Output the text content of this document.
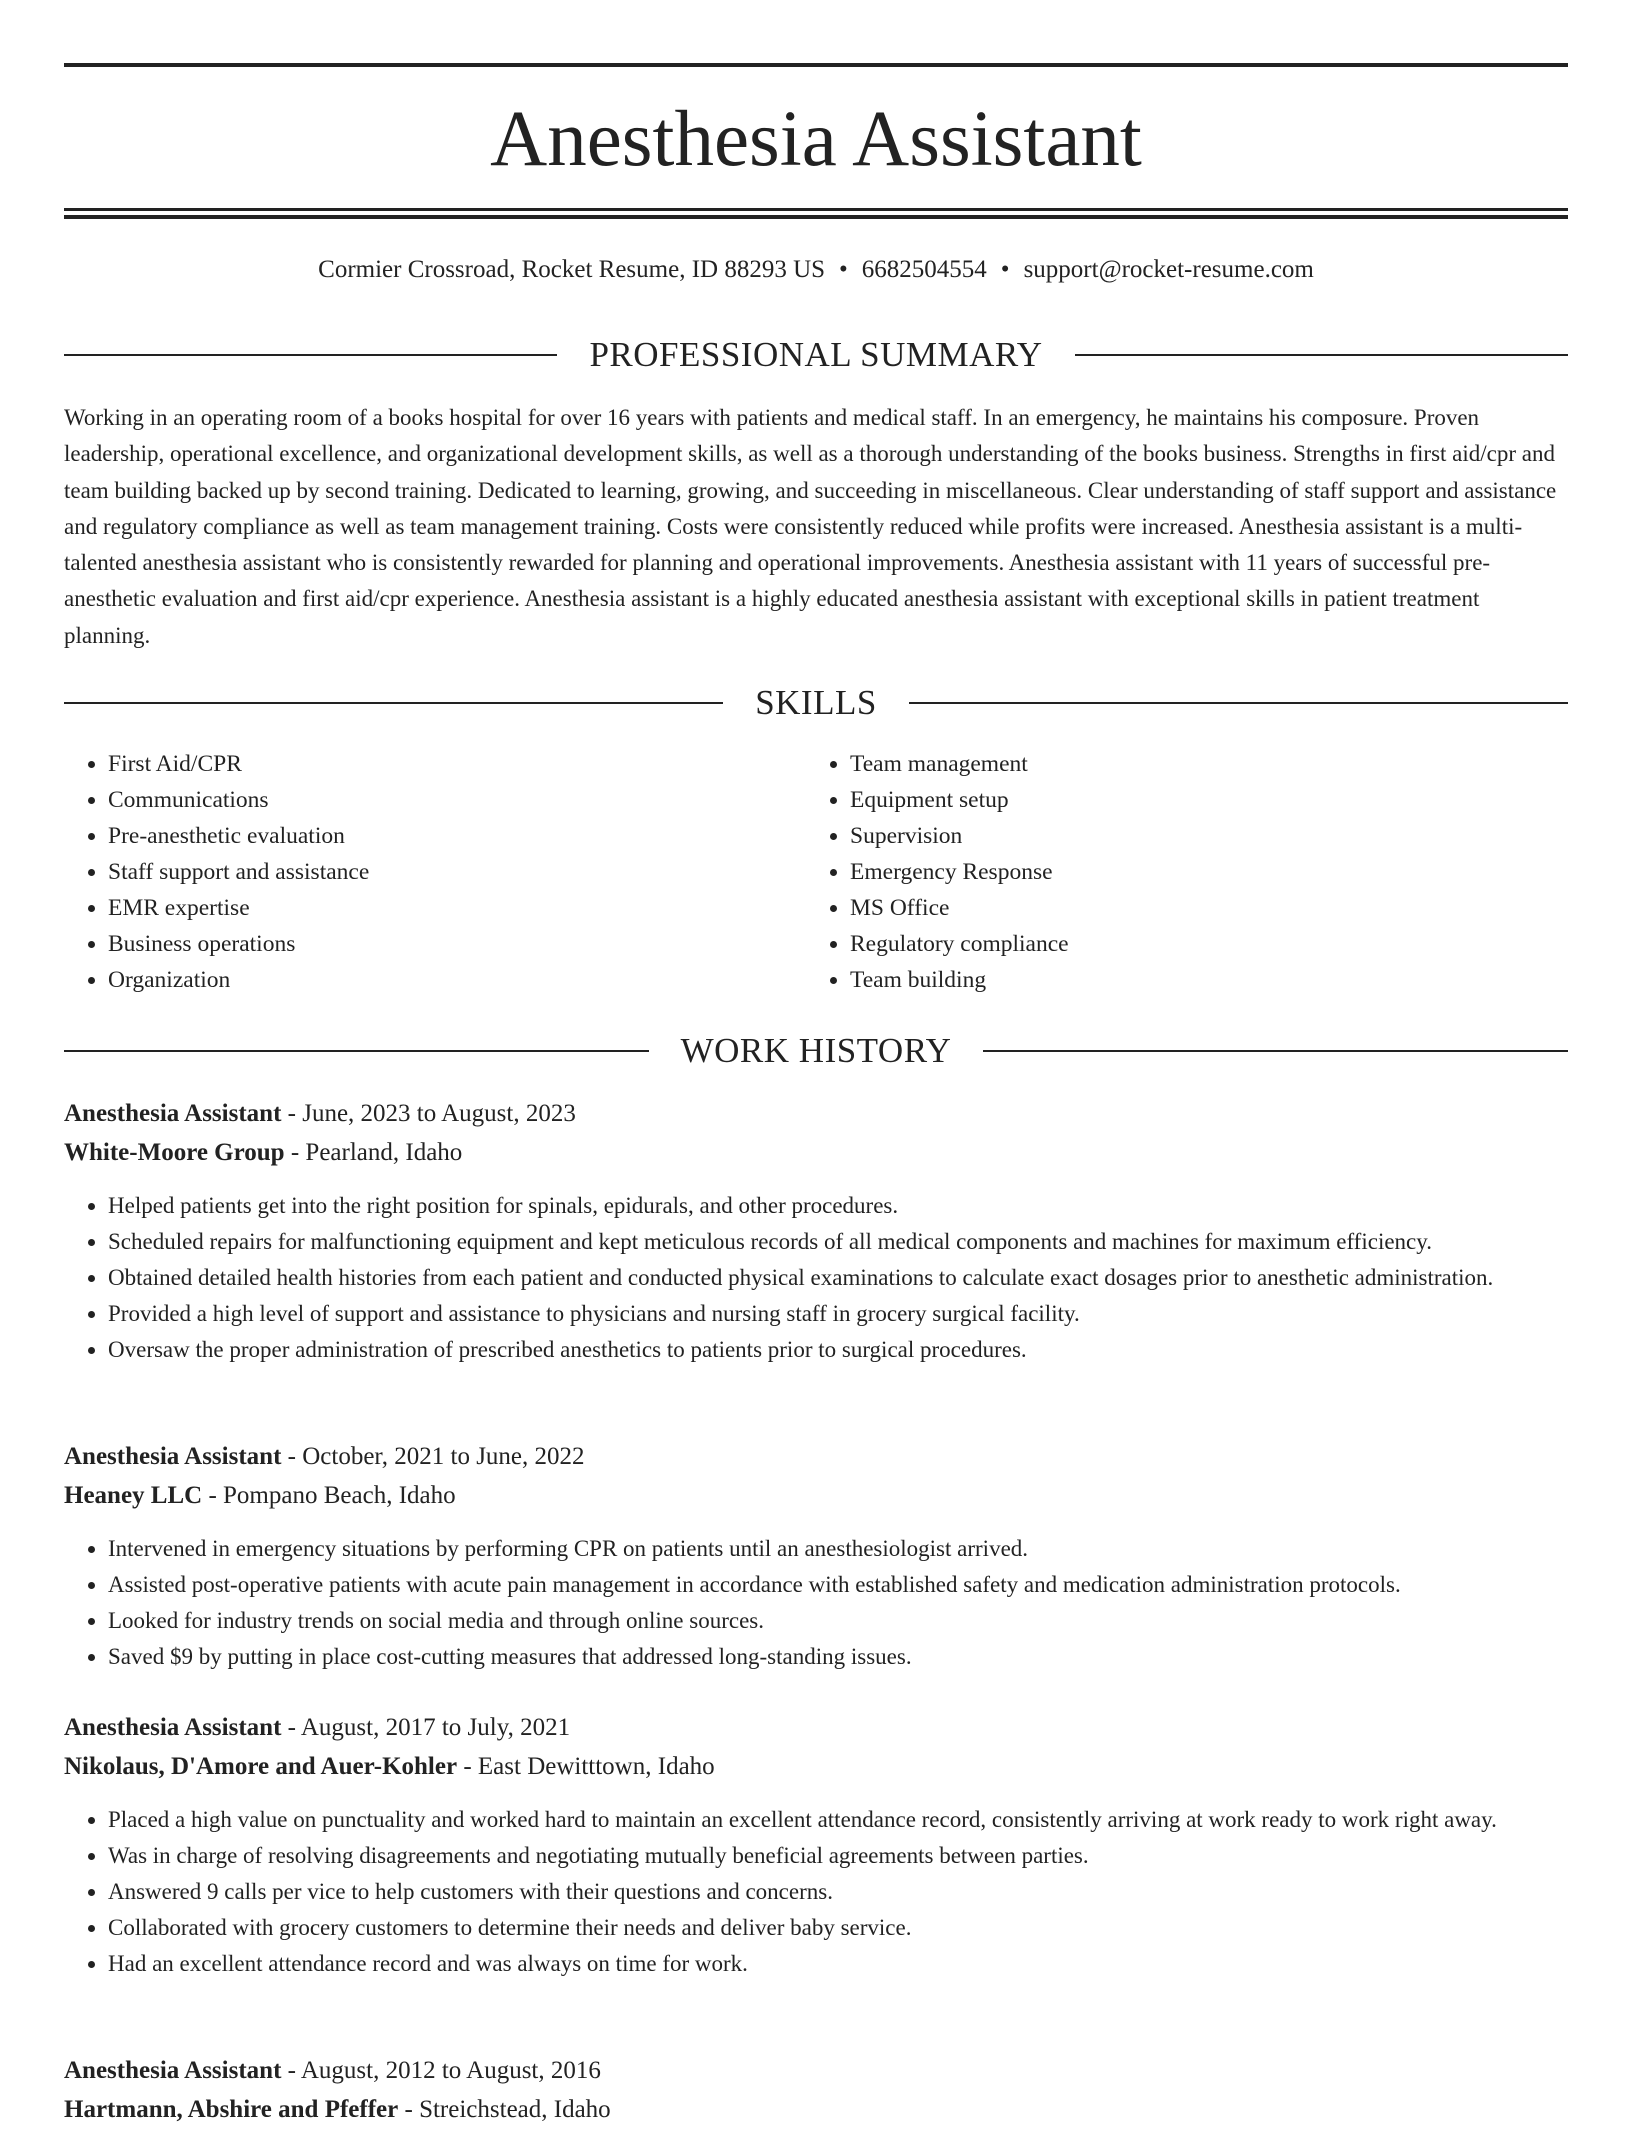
Anesthesia Assistant
Cormier Crossroad, Rocket Resume, ID 88293 US • 6682504554 • support@rocket-resume.com
PROFESSIONAL SUMMARY

Working in an operating room of a books hospital for over 16 years with patients and medical staff. In an emergency, he maintains his composure. Proven leadership, operational excellence, and organizational development skills, as well as a thorough understanding of the books business. Strengths in first aid/cpr and team building backed up by second training. Dedicated to learning, growing, and succeeding in miscellaneous. Clear understanding of staff support and assistance and regulatory compliance as well as team management training. Costs were consistently reduced while profits were increased. Anesthesia assistant is a multi-talented anesthesia assistant who is consistently rewarded for planning and operational improvements. Anesthesia assistant with 11 years of successful pre-anesthetic evaluation and first aid/cpr experience. Anesthesia assistant is a highly educated anesthesia assistant with exceptional skills in patient treatment planning.

SKILLS
• First Aid/CPR
• Communications
• Pre-anesthetic evaluation
• Staff support and assistance
• EMR expertise
• Business operations
• Organization
• Team management
• Equipment setup
• Supervision
• Emergency Response
• MS Office
• Regulatory compliance
• Team building
WORK HISTORY
Anesthesia Assistant - June, 2023 to August, 2023
White-Moore Group - Pearland, Idaho
• Helped patients get into the right position for spinals, epidurals, and other procedures.
• Scheduled repairs for malfunctioning equipment and kept meticulous records of all medical components and machines for maximum efficiency.
• Obtained detailed health histories from each patient and conducted physical examinations to calculate exact dosages prior to anesthetic administration.
• Provided a high level of support and assistance to physicians and nursing staff in grocery surgical facility.
• Oversaw the proper administration of prescribed anesthetics to patients prior to surgical procedures.
Anesthesia Assistant - October, 2021 to June, 2022
Heaney LLC - Pompano Beach, Idaho
• Intervened in emergency situations by performing CPR on patients until an anesthesiologist arrived.
• Assisted post-operative patients with acute pain management in accordance with established safety and medication administration protocols.
• Looked for industry trends on social media and through online sources.
• Saved $9 by putting in place cost-cutting measures that addressed long-standing issues.
Anesthesia Assistant - August, 2017 to July, 2021
Nikolaus, D'Amore and Auer-Kohler - East Dewitttown, Idaho
• Placed a high value on punctuality and worked hard to maintain an excellent attendance record, consistently arriving at work ready to work right away.
• Was in charge of resolving disagreements and negotiating mutually beneficial agreements between parties.
• Answered 9 calls per vice to help customers with their questions and concerns.
• Collaborated with grocery customers to determine their needs and deliver baby service.
• Had an excellent attendance record and was always on time for work.
Anesthesia Assistant - August, 2012 to August, 2016
Hartmann, Abshire and Pfeffer - Streichstead, Idaho
